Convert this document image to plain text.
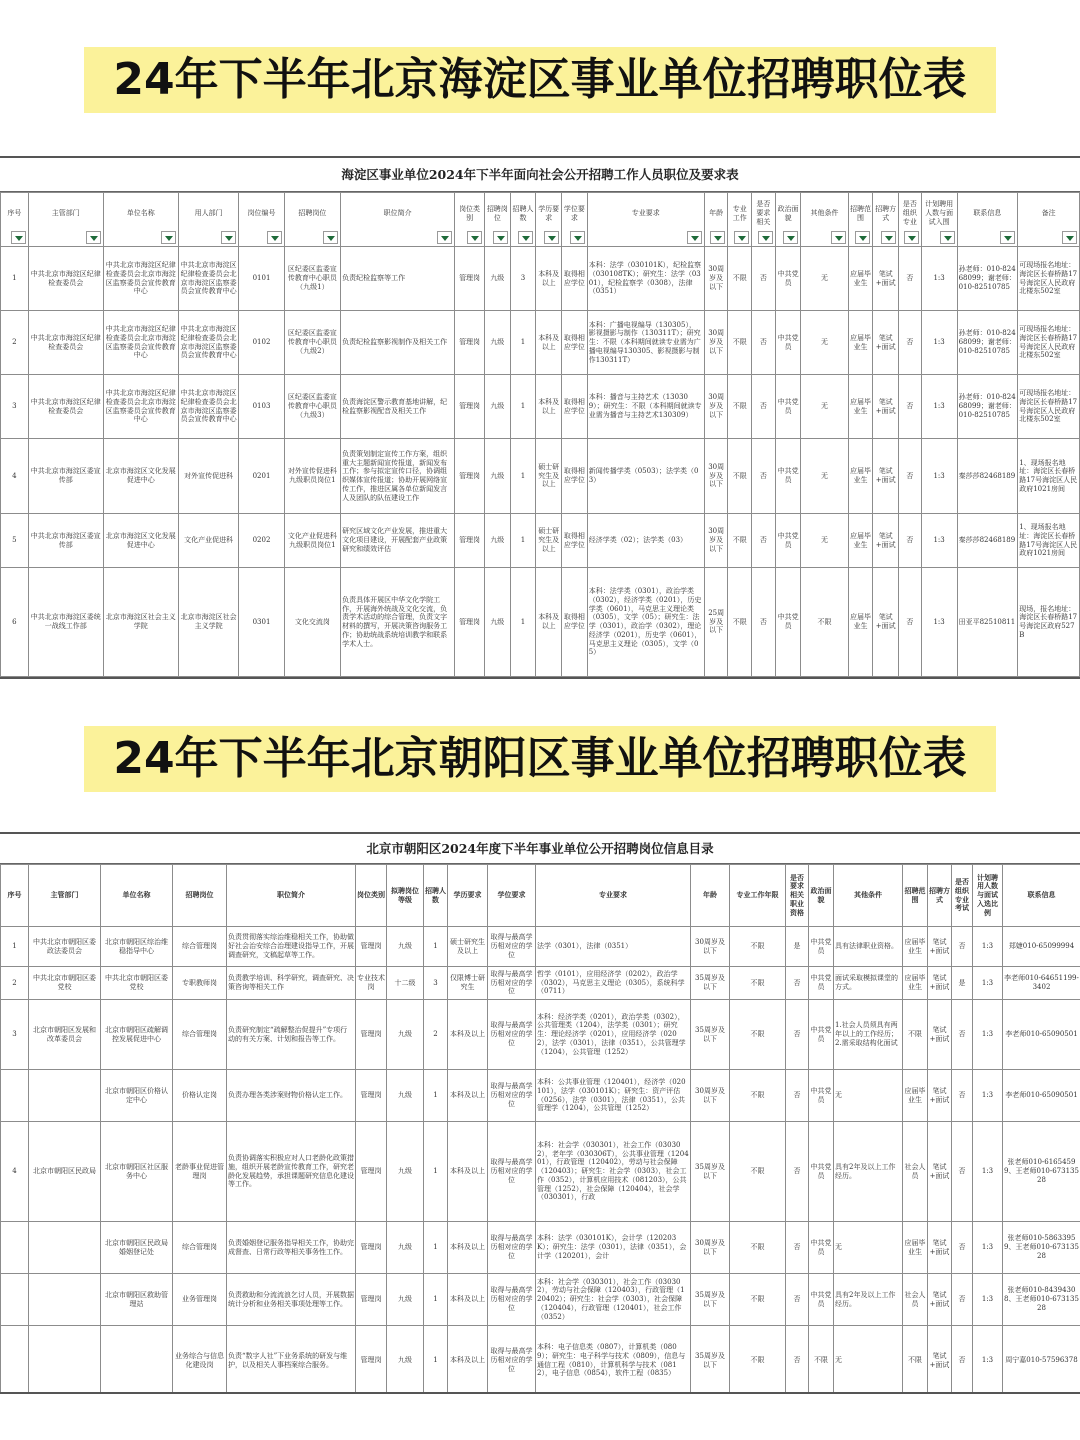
24年下半年北京海淀区事业单位招聘职位表
海淀区事业单位2024年下半年面向社会公开招聘工作人员职位及要求表
序号	主管部门	单位名称	用人部门	岗位编号	招聘岗位	职位简介	岗位类别	招聘岗位	招聘人数	学历要求	学位要求	专业要求	年龄	专业工作	是否要求相关	政治面貌	其他条件	招聘范围	招聘方式	是否组织专业	计划聘用人数与面试入围	联系信息	备注

1	中共北京市海淀区纪律检查委员会	中共北京市海淀区纪律检查委员会北京市海淀区监察委员会宣传教育中心	中共北京市海淀区纪律检查委员会北京市海淀区监察委员会宣传教育中心	0101	区纪委区监委宣传教育中心职员（九级1）	负责纪检监察等工作	管理岗	九级	3	本科及以上	取得相应学位	本科：法学（030101K），纪检监察（030108TK）；研究生：法学（0301），纪检监察学（0308），法律（0351）	30周岁及以下	不限	否	中共党员	无	应届毕业生	笔试+面试	否	1:3	孙老师：010-82468099；谢老师：010-82510785	可现场报名地址：海淀区长春桥路17号海淀区人民政府北楼东502室
2	中共北京市海淀区纪律检查委员会	中共北京市海淀区纪律检查委员会北京市海淀区监察委员会宣传教育中心	中共北京市海淀区纪律检查委员会北京市海淀区监察委员会宣传教育中心	0102	区纪委区监委宣传教育中心职员（九级2）	负责纪检监察影视制作及相关工作	管理岗	九级	1	本科及以上	取得相应学位	本科：广播电视编导（130305），影视摄影与制作（130311T）；研究生：不限（本科期间就读专业需为广播电视编导130305、影视摄影与制作130311T）	30周岁及以下	不限	否	中共党员	无	应届毕业生	笔试+面试	否	1:3	孙老师：010-82468099；谢老师：010-82510785	可现场报名地址：海淀区长春桥路17号海淀区人民政府北楼东502室
3	中共北京市海淀区纪律检查委员会	中共北京市海淀区纪律检查委员会北京市海淀区监察委员会宣传教育中心	中共北京市海淀区纪律检查委员会北京市海淀区监察委员会宣传教育中心	0103	区纪委区监委宣传教育中心职员（九级3）	负责海淀区警示教育基地讲解，纪检监察影视配音及相关工作	管理岗	九级	1	本科及以上	取得相应学位	本科：播音与主持艺术（130309）；研究生：不限（本科期间就读专业需为播音与主持艺术130309）	30周岁及以下	不限	否	中共党员	无	应届毕业生	笔试+面试	否	1:3	孙老师：010-82468099；谢老师：010-82510785	可现场报名地址：海淀区长春桥路17号海淀区人民政府北楼东502室
4	中共北京市海淀区委宣传部	北京市海淀区文化发展促进中心	对外宣传促进科	0201	对外宣传促进科九级职员岗位1	负责策划制定宣传工作方案，组织重大主题新闻宣传报道，新闻发布工作；参与拟定宣传口径，协调组织媒体宣传报道；协助开展网络宣传工作，推进区属各单位新闻发言人及团队的队伍建设工作	管理岗	九级	1	硕士研究生及以上	取得相应学位	新闻传播学类（0503）；法学类（03）	30周岁及以下	不限	否	中共党员	无	应届毕业生	笔试+面试	否	1:3	秦莎莎82468189	1、现场报名地址：海淀区长春桥路17号海淀区人民政府1021房间
5	中共北京市海淀区委宣传部	北京市海淀区文化发展促进中心	文化产业促进科	0202	文化产业促进科九级职员岗位1	研究区域文化产业发展，推进重大文化项目建设，开展配套产业政策研究和绩效评估	管理岗	九级	1	硕士研究生及以上	取得相应学位	经济学类（02）；法学类（03）	30周岁及以下	不限	否	中共党员	无	应届毕业生	笔试+面试	否	1:3	秦莎莎82468189	1、现场报名地址：海淀区长春桥路17号海淀区人民政府1021房间
6	中共北京市海淀区委统一战线工作部	北京市海淀区社会主义学院	北京市海淀区社会主义学院	0301	文化交流岗	负责具体开展区中华文化学院工作，开展海外统战及文化交流，负责学术活动的综合管理，负责文字材料的撰写，开展决策咨询服务工作；协助统战系统培训教学和联系学术人士。	管理岗	九级	1	本科及以上	取得相应学位	本科：法学类（0301），政治学类（0302），经济学类（0201），历史学类（0601），马克思主义理论类（0305），文学（05）；研究生：法学（0301），政治学（0302），理论经济学（0201），历史学（0601），马克思主义理论（0305），文学（05）	25周岁及以下	不限	否	中共党员	不限	应届毕业生	笔试+面试	否	1:3	田亚平82510811	现场，报名地址：海淀区长春桥路17号海淀区政府527B
24年下半年北京朝阳区事业单位招聘职位表
北京市朝阳区2024年度下半年事业单位公开招聘岗位信息目录
序号	主管部门	单位名称	招聘岗位	职位简介	岗位类别	拟聘岗位等级	招聘人数	学历要求	学位要求	专业要求	年龄	专业工作年限	是否要求相关职业资格	政治面貌	其他条件	招聘范围	招聘方式	是否组织专业考试	计划聘用人数与面试入选比例	联系信息
1	中共北京市朝阳区委政法委员会	北京市朝阳区综治维稳指导中心	综合管理岗	负责贯彻落实综治维稳相关工作，协助做好社会治安综合治理建设指导工作，开展调查研究，文稿起草等工作。	管理岗	九级	1	硕士研究生及以上	取得与最高学历相对应的学位	法学（0301），法律（0351）	30周岁及以下	不限	是	中共党员	具有法律职业资格。	应届毕业生	笔试+面试	否	1:3	郑婕010-65099994
2	中共北京市朝阳区委党校	中共北京市朝阳区委党校	专职教师岗	负责教学培训、科学研究，调查研究、决策咨询等相关工作	专业技术岗	十二级	3	仅限博士研究生	取得与最高学历相对应的学位	哲学（0101），应用经济学（0202），政治学（0302），马克思主义理论（0305），系统科学（0711）	35周岁及以下	不限	否	中共党员	面试采取模拟课堂的方式。	应届毕业生	笔试+面试	是	1:3	李老师010-64651199-3402
3	北京市朝阳区发展和改革委员会	北京市朝阳区疏解调控发展促进中心	综合管理岗	负责研究制定“疏解整治促提升”专项行动的有关方案、计划和报告等工作。	管理岗	九级	2	本科及以上	取得与最高学历相对应的学位	本科：经济学类（0201），政治学类（0302），公共管理类（1204），法学类（0301）；研究生：理论经济学（0201），应用经济学（0202），法学（0301），法律（0351），公共管理学（1204），公共管理（1252）	35周岁及以下	不限	否	中共党员	1.社会人员须具有两年以上的工作经历；2.需采取结构化面试	不限	笔试+面试	否	1:3	李老师010-65090501
		北京市朝阳区价格认定中心	价格认定岗	负责办理各类涉案财物价格认定工作。	管理岗	九级	1	本科及以上	取得与最高学历相对应的学位	本科：公共事业管理（120401），经济学（020101），法学（030101K）；研究生：资产评估（0256），法学（0301），法律（0351），公共管理学（1204），公共管理（1252）	30周岁及以下	不限	否	中共党员	无	应届毕业生	笔试+面试	否	1:3	李老师010-65090501
4	北京市朝阳区民政局	北京市朝阳区社区服务中心	老龄事业促进管理岗	负责协调落实积极应对人口老龄化政策措施，组织开展老龄宣传教育工作，研究老龄化发展趋势，承担课题研究信息化建设等工作。	管理岗	九级	1	本科及以上	取得与最高学历相对应的学位	本科：社会学（030301），社会工作（030302），老年学（030306T），公共事业管理（120401），行政管理（120402），劳动与社会保障（120403）；研究生：社会学（0303），社会工作（0352），计算机应用技术（081203），公共管理（1252），社会保障（120404），社会学（030301），行政	35周岁及以下	不限	否	中共党员	具有2年及以上工作经历。	社会人员	笔试+面试	否	1:3	张老师010-61654599、王老师010-67313528
		北京市朝阳区民政局婚姻登记处	综合管理岗	负责婚姻登记服务指导相关工作，协助完成督查、日常行政等相关事务性工作。	管理岗	九级	1	本科及以上	取得与最高学历相对应的学位	本科：法学（030101K），会计学（120203K）；研究生：法学（0301），法律（0351），会计学（120201），会计	30周岁及以下	不限	否	中共党员	无	应届毕业生	笔试+面试	否	1:3	张老师010-58633959、王老师010-67313528
		北京市朝阳区救助管理站	业务管理岗	负责救助和分流流浪乞讨人员，开展数据统计分析和业务相关事项处理等工作。	管理岗	九级	1	本科及以上	取得与最高学历相对应的学位	本科：社会学（030301），社会工作（030302），劳动与社会保障（120403），行政管理（120402）；研究生：社会学（0303），社会保障（120404），行政管理（120401），社会工作（0352）	35周岁及以下	不限	否	中共党员	具有2年及以上工作经历。	社会人员	笔试+面试	否	1:3	张老师010-84394308、王老师010-67313528
			业务综合与信息化建设岗	负责“数字人社”下业务系统的研发与维护，以及相关人事档案综合服务。	管理岗	九级	1	本科及以上	取得与最高学历相对应的学位	本科：电子信息类（0807），计算机类（0809）；研究生：电子科学与技术（0809），信息与通信工程（0810），计算机科学与技术（0812），电子信息（0854），软件工程（0835）	35周岁及以下	不限	否	不限	无	不限	笔试+面试	否	1:3	周宁嘉010-57596378
